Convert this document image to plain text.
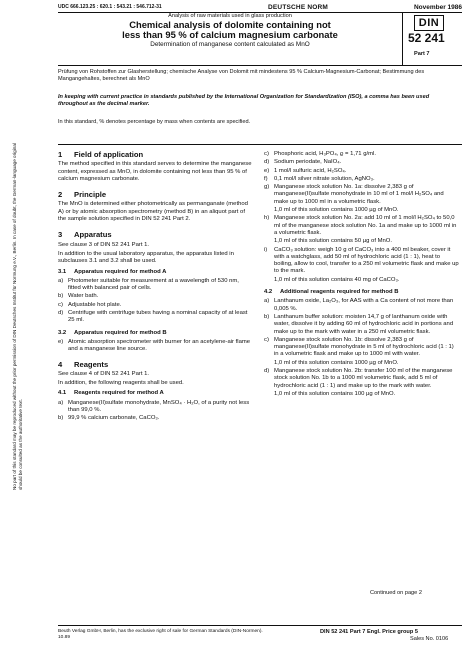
UDC 666.123.25 : 620.1 : 543.21 : 546.712-31	DEUTSCHE NORM	November 1986
Analysis of raw materials used in glass production
Chemical analysis of dolomite containing not
less than 95 % of calcium magnesium carbonate
Determination of manganese content calculated as MnO
DIN
52 241
Part 7
No part of this standard may be reproduced without the prior permission of DIN Deutsches Institut für Normung e.V., Berlin. In case of doubt, the German-language original should be consulted as the authoritative text.
Prüfung von Rohstoffen zur Glasherstellung; chemische Analyse von Dolomit mit mindestens 95 % Calcium-Magnesium-Carbonat; Bestimmung des Mangangehaltes, berechnet als MnO
In keeping with current practice in standards published by the International Organization for Standardization (ISO), a comma has been used throughout as the decimal marker.
In this standard, % denotes percentage by mass when contents are specified.
1 Field of application

The method specified in this standard serves to determine the manganese content, expressed as MnO, in dolomite containing not less than 95 % of calcium magnesium carbonate.

2 Principle

The MnO is determined either photometrically as permanganate (method A) or by atomic absorption spectrometry (method B) in an aliquot part of the sample solution specified in DIN 52 241 Part 2.

3 Apparatus

See clause 3 of DIN 52 241 Part 1.

In addition to the usual laboratory apparatus, the apparatus listed in subclauses 3.1 and 3.2 shall be used.

3.1 Apparatus required for method A
a) Photometer suitable for measurement at a wavelength of 530 nm, fitted with balanced pair of cells.
b) Water bath.
c) Adjustable hot plate.
d) Centrifuge with centrifuge tubes having a nominal capacity of at least 25 ml.
3.2 Apparatus required for method B
e) Atomic absorption spectrometer with burner for an acetylene-air flame and a manganese line source.
4 Reagents

See clause 4 of DIN 52 241 Part 1.

In addition, the following reagents shall be used.

4.1 Reagents required for method A
a) Manganese(II)sulfate monohydrate, MnSO₄ · H₂O, of a purity not less than 99,0 %.
b) 99,9 % calcium carbonate, CaCO₃.
c) Phosphoric acid, H₃PO₄, ϱ = 1,71 g/ml.
d) Sodium periodate, NaIO₄.
e) 1 mol/l sulfuric acid, H₂SO₄.
f) 0,1 mol/l silver nitrate solution, AgNO₃.
g) Manganese stock solution No. 1a: dissolve 2,383 g of manganese(II)sulfate monohydrate in 10 ml of 1 mol/l H₂SO₄ and make up to 1000 ml in a volumetric flask.
1,0 ml of this solution contains 1000 µg of MnO.
h) Manganese stock solution No. 2a: add 10 ml of 1 mol/l H₂SO₄ to 50,0 ml of the manganese stock solution No. 1a and make up to 1000 ml in a volumetric flask.
1,0 ml of this solution contains 50 µg of MnO.
i) CaCO₃ solution: weigh 10 g of CaCO₃ into a 400 ml beaker, cover it with a watchglass, add 50 ml of hydrochloric acid (1 : 1), heat to boiling, allow to cool, transfer to a 250 ml volumetric flask and make up to the mark.
1,0 ml of this solution contains 40 mg of CaCO₃.
4.2 Additional reagents required for method B
a) Lanthanum oxide, La₂O₃, for AAS with a Ca content of not more than 0,005 %.
b) Lanthanum buffer solution: moisten 14,7 g of lanthanum oxide with water, dissolve it by adding 60 ml of hydrochloric acid in portions and make up to the mark with water in a 250 ml volumetric flask.
c) Manganese stock solution No. 1b: dissolve 2,383 g of manganese(II)sulfate monohydrate in 5 ml of hydrochloric acid (1 : 1) in a volumetric flask and make up to 1000 ml with water.
1,0 ml of this solution contains 1000 µg of MnO.
d) Manganese stock solution No. 2b: transfer 100 ml of the manganese stock solution No. 1b to a 1000 ml volumetric flask, add 5 ml of hydrochloric acid (1 : 1) and make up to the mark with water.
1,0 ml of this solution contains 100 µg of MnO.
Continued on page 2
Beuth Verlag GmbH, Berlin, has the exclusive right of sale for German Standards (DIN-Normen).
10.89
DIN 52 241 Part 7 Engl. Price group 5
Sales No. 0106
